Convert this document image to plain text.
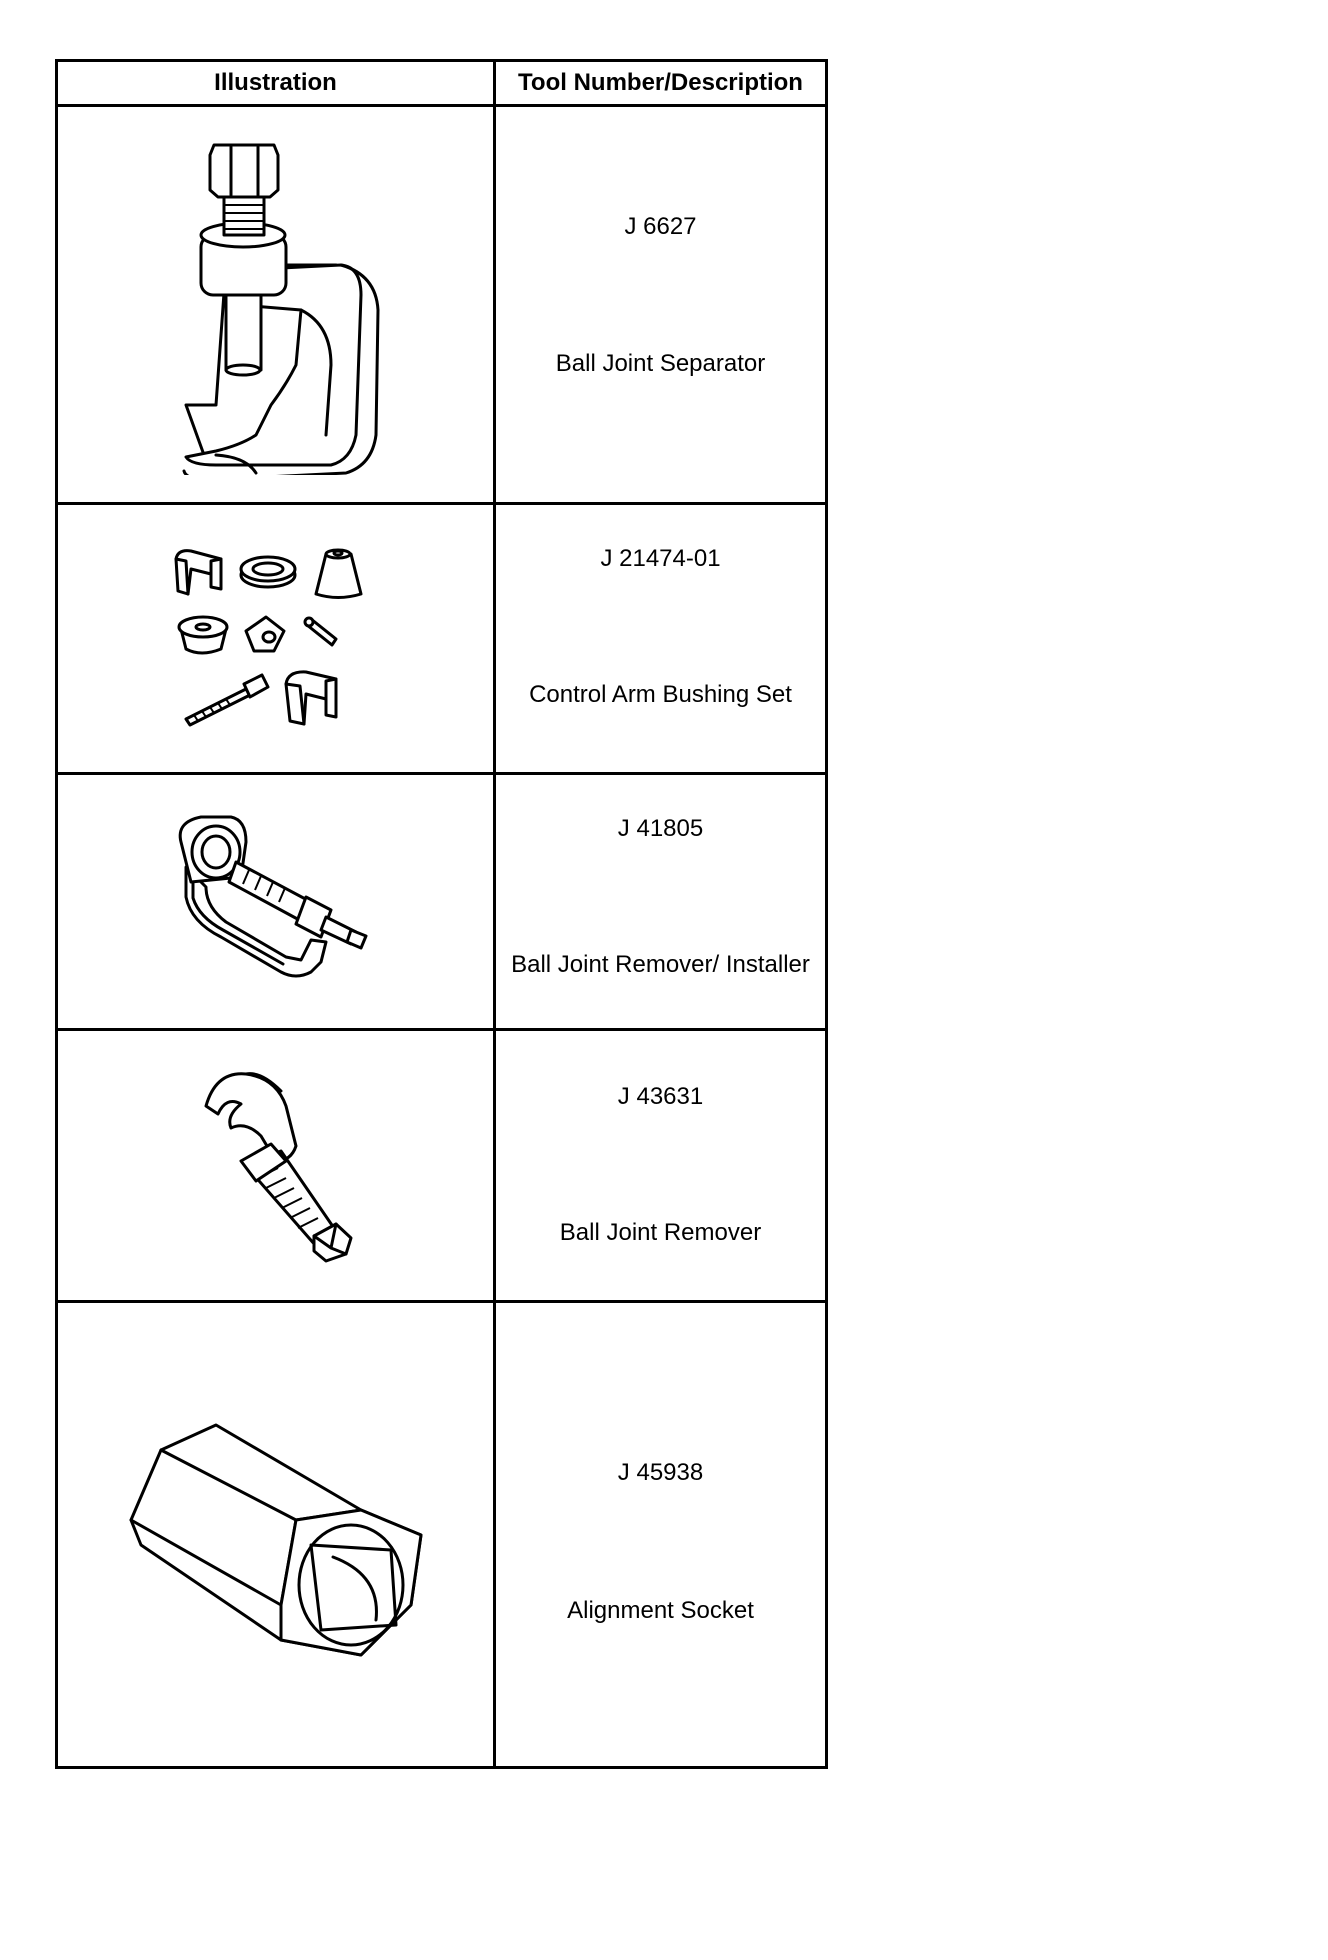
Illustration	Tool Number/Description

J 6627
Ball Joint Separator

J 21474-01
Control Arm Bushing Set

J 41805
Ball Joint Remover/ Installer

J 43631
Ball Joint Remover

J 45938
Alignment Socket
